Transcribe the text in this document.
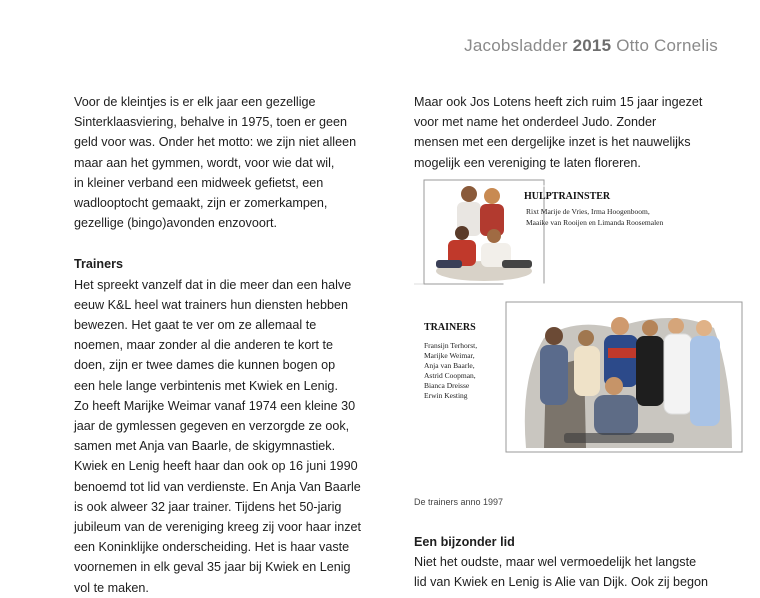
Jacobsladder 2015 Otto Cornelis
Voor de kleintjes is er elk jaar een gezellige
Sinterklaasviering, behalve in 1975, toen er geen
geld voor was. Onder het motto: we zijn niet alleen
maar aan het gymmen, wordt, voor wie dat wil,
in kleiner verband een midweek gefietst, een
wadlooptocht gemaakt, zijn er zomerkampen,
gezellige (bingo)avonden enzovoort.
Trainers
Het spreekt vanzelf dat in die meer dan een halve
eeuw K&L heel wat trainers hun diensten hebben
bewezen. Het gaat te ver om ze allemaal te
noemen, maar zonder al die anderen te kort te
doen, zijn er twee dames die kunnen bogen op
een hele lange verbintenis met Kwiek en Lenig.
Zo heeft Marijke Weimar vanaf 1974 een kleine 30
jaar de gymlessen gegeven en verzorgde ze ook,
samen met Anja van Baarle, de skigymnastiek.
Kwiek en Lenig heeft haar dan ook op 16 juni 1990
benoemd tot lid van verdienste. En Anja Van Baarle
is ook alweer 32 jaar trainer. Tijdens het 50-jarig
jubileum van de vereniging kreeg zij voor haar inzet
een Koninklijke onderscheiding. Het is haar vaste
voornemen in elk geval 35 jaar bij Kwiek en Lenig
vol te maken.
Maar ook Jos Lotens heeft zich ruim 15 jaar ingezet
voor met name het onderdeel Judo. Zonder
mensen met een dergelijke inzet is het nauwelijks
mogelijk een vereniging te laten floreren.
HULPTRAINSTER
Rixt Marije de Vries, Irma Hoogenboom,
Maaike van Rooijen en Limanda Roosemalen
TRAINERS
Fransijn Terhorst,
Marijke Weimar,
Anja van Baarle,
Astrid Coopman,
Bianca Dreisse
Erwin Kesting
De trainers anno 1997
Een bijzonder lid
Niet het oudste, maar wel vermoedelijk het langste
lid van Kwiek en Lenig is Alie van Dijk. Ook zij begon
